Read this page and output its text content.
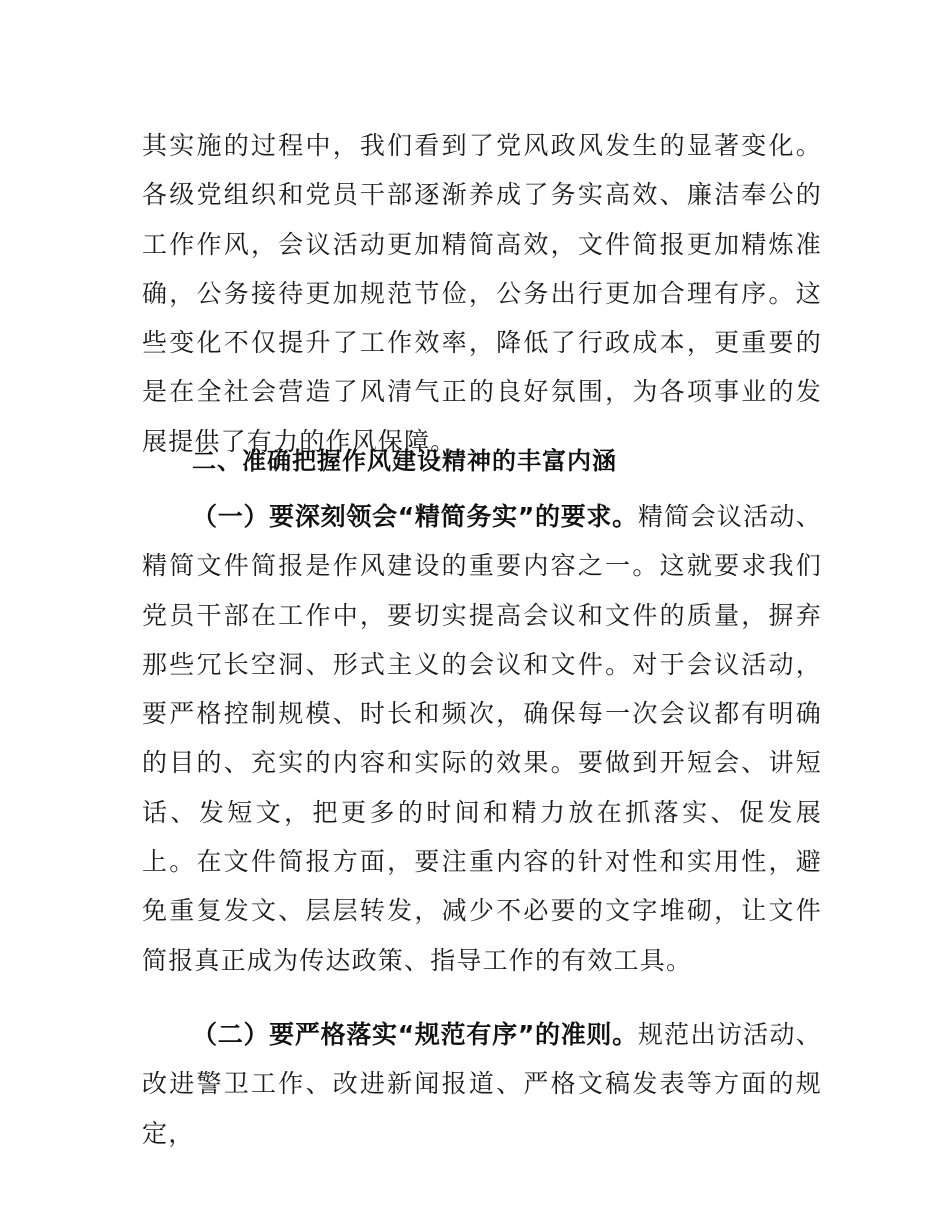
其实施的过程中，我们看到了党风政风发生的显著变化。各级党组织和党员干部逐渐养成了务实高效、廉洁奉公的工作作风，会议活动更加精简高效，文件简报更加精炼准确，公务接待更加规范节俭，公务出行更加合理有序。这些变化不仅提升了工作效率，降低了行政成本，更重要的是在全社会营造了风清气正的良好氛围，为各项事业的发展提供了有力的作风保障。

二、准确把握作风建设精神的丰富内涵

（一）要深刻领会“精简务实”的要求。精简会议活动、精简文件简报是作风建设的重要内容之一。这就要求我们党员干部在工作中，要切实提高会议和文件的质量，摒弃那些冗长空洞、形式主义的会议和文件。对于会议活动，要严格控制规模、时长和频次，确保每一次会议都有明确的目的、充实的内容和实际的效果。要做到开短会、讲短话、发短文，把更多的时间和精力放在抓落实、促发展上。在文件简报方面，要注重内容的针对性和实用性，避免重复发文、层层转发，减少不必要的文字堆砌，让文件简报真正成为传达政策、指导工作的有效工具。

（二）要严格落实“规范有序”的准则。规范出访活动、改进警卫工作、改进新闻报道、严格文稿发表等方面的规定，
